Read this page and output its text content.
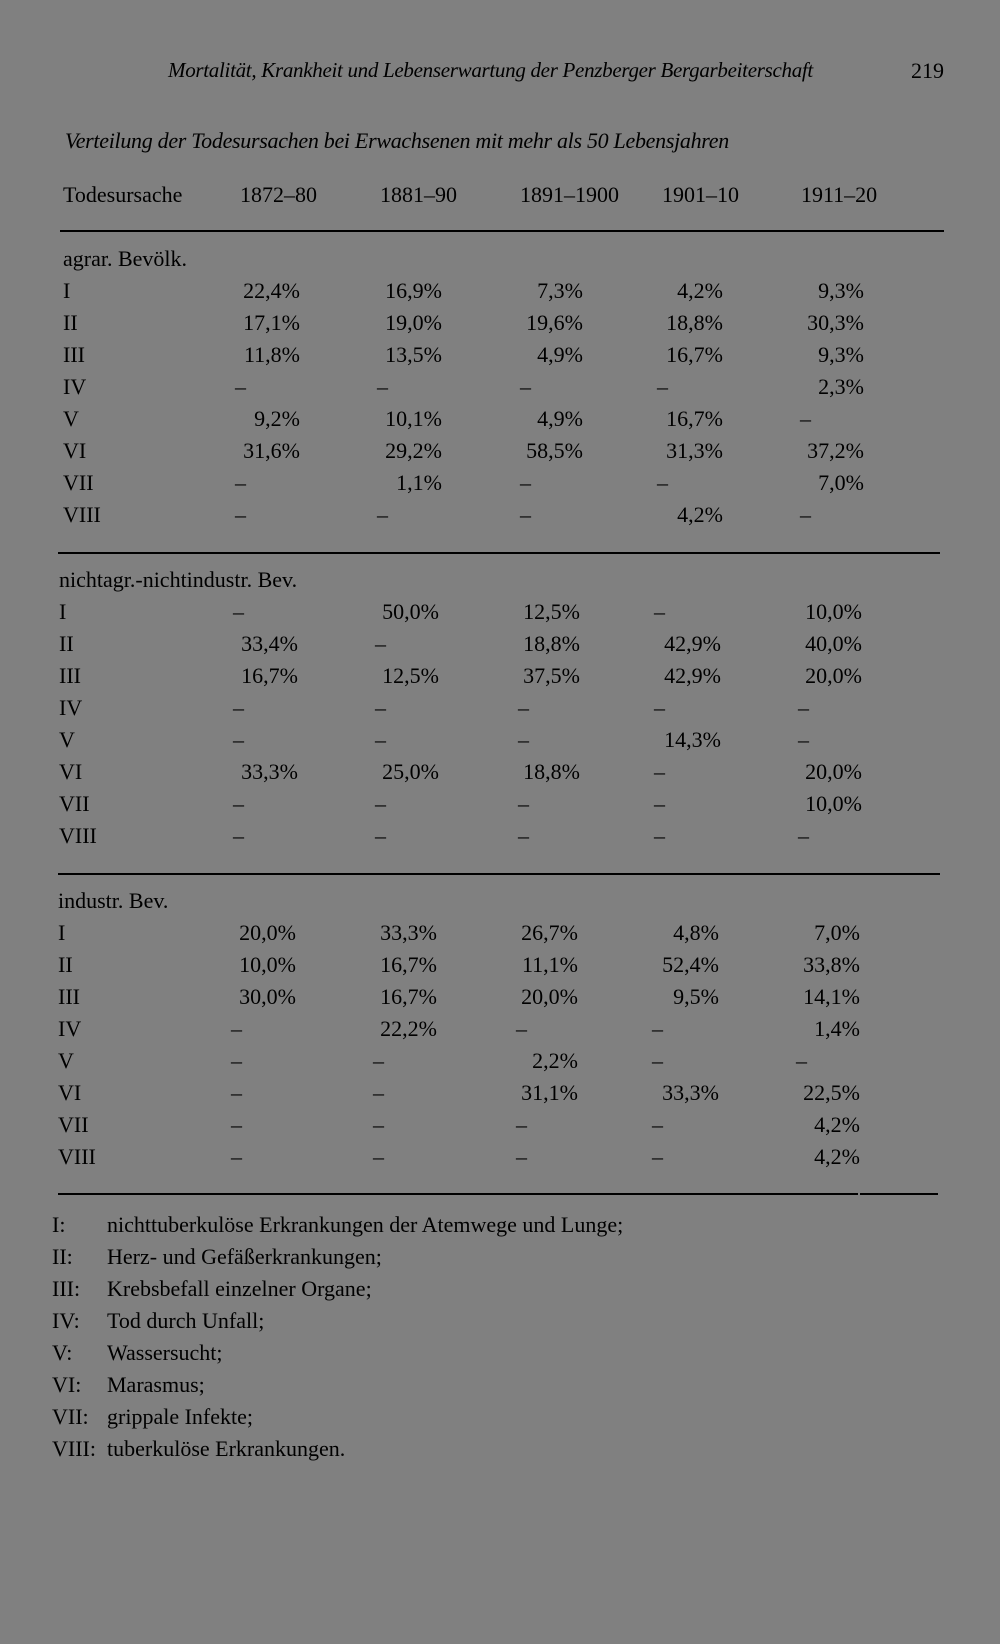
Mortalität, Krankheit und Lebenserwartung der Penzberger Bergarbeiterschaft	219
Verteilung der Todesursachen bei Erwachsenen mit mehr als 50 Lebensjahren
Todesursache	1872–80	1881–90	1891–1900 1901–10	1911–20
agrar. Bevölk.
I	22,4%	16,9%	7,3%	4,2%	9,3%
II	17,1%	19,0%	19,6%	18,8%	30,3%
III	11,8%	13,5%	4,9%	16,7%	9,3%
IV	–	–	–	–	2,3%
V	9,2%	10,1%	4,9%	16,7%	–
VI	31,6%	29,2%	58,5%	31,3%	37,2%
VII	–	1,1%	–	–	7,0%
VIII	–	–	–	4,2%	–
nichtagr.-nichtindustr. Bev.
I	–	50,0%	12,5%	–	10,0%
II	33,4%	–	18,8%	42,9%	40,0%
III	16,7%	12,5%	37,5%	42,9%	20,0%
IV	–	–	–	–	–
V	–	–	–	14,3%	–
VI	33,3%	25,0%	18,8%	–	20,0%
VII	–	–	–	–	10,0%
VIII	–	–	–	–	–
industr. Bev.
I	20,0%	33,3%	26,7%	4,8%	7,0%
II	10,0%	16,7%	11,1%	52,4%	33,8%
III	30,0%	16,7%	20,0%	9,5%	14,1%
IV	–	22,2%	–	–	1,4%
V	–	–	2,2%	–	–
VI	–	–	31,1%	33,3%	22,5%
VII	–	–	–	–	4,2%
VIII	–	–	–	–	4,2%
I: nichttuberkulöse Erkrankungen der Atemwege und Lunge;
II: Herz- und Gefäßerkrankungen;
III: Krebsbefall einzelner Organe;
IV: Tod durch Unfall;
V: Wassersucht;
VI: Marasmus;
VII: grippale Infekte;
VIII: tuberkulöse Erkrankungen.
